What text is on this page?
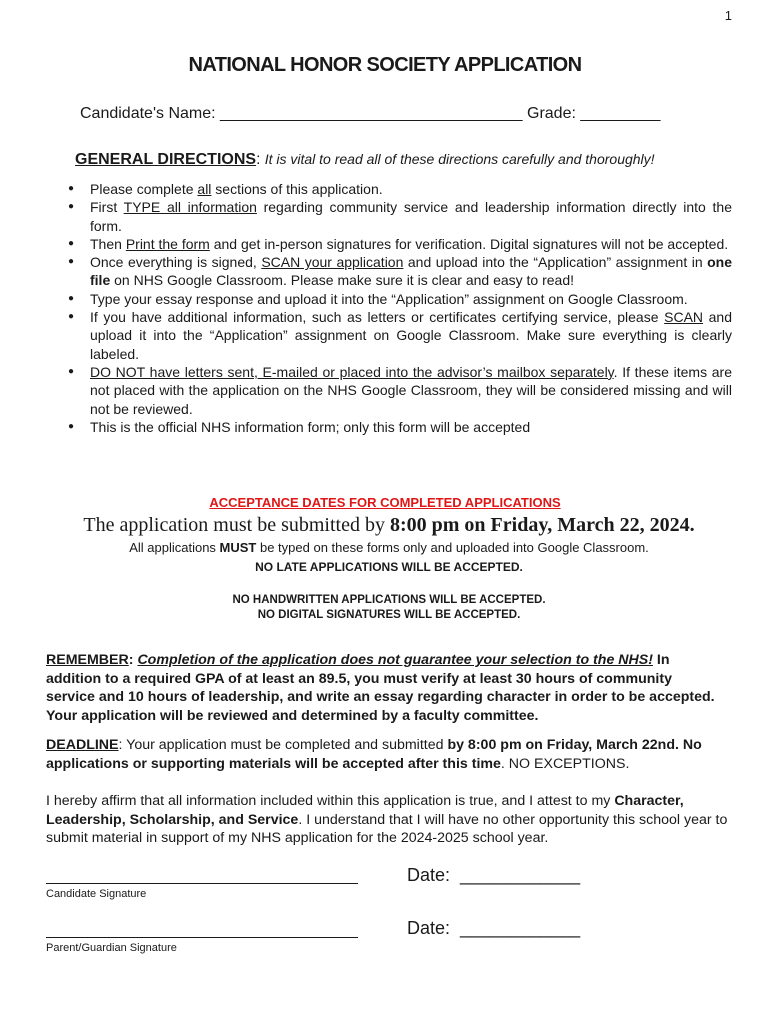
1
NATIONAL HONOR SOCIETY APPLICATION
Candidate's Name: __________________________________ Grade: _________
GENERAL DIRECTIONS: It is vital to read all of these directions carefully and thoroughly!
● Please complete all sections of this application.
● First TYPE all information regarding community service and leadership information directly into the form.
● Then Print the form and get in-person signatures for verification. Digital signatures will not be accepted.
● Once everything is signed, SCAN your application and upload into the “Application” assignment in one file on NHS Google Classroom. Please make sure it is clear and easy to read!
● Type your essay response and upload it into the “Application” assignment on Google Classroom.
● If you have additional information, such as letters or certificates certifying service, please SCAN and upload it into the “Application” assignment on Google Classroom. Make sure everything is clearly labeled.
● DO NOT have letters sent, E-mailed or placed into the advisor’s mailbox separately. If these items are not placed with the application on the NHS Google Classroom, they will be considered missing and will not be reviewed.
● This is the official NHS information form; only this form will be accepted
ACCEPTANCE DATES FOR COMPLETED APPLICATIONS
The application must be submitted by 8:00 pm on Friday, March 22, 2024.
All applications MUST be typed on these forms only and uploaded into Google Classroom.
NO LATE APPLICATIONS WILL BE ACCEPTED.
NO HANDWRITTEN APPLICATIONS WILL BE ACCEPTED.
NO DIGITAL SIGNATURES WILL BE ACCEPTED.
REMEMBER: Completion of the application does not guarantee your selection to the NHS! In addition to a required GPA of at least an 89.5, you must verify at least 30 hours of community service and 10 hours of leadership, and write an essay regarding character in order to be accepted. Your application will be reviewed and determined by a faculty committee.
DEADLINE: Your application must be completed and submitted by 8:00 pm on Friday, March 22nd. No applications or supporting materials will be accepted after this time. NO EXCEPTIONS.
I hereby affirm that all information included within this application is true, and I attest to my Character, Leadership, Scholarship, and Service. I understand that I will have no other opportunity this school year to submit material in support of my NHS application for the 2024-2025 school year.
Candidate Signature
Date:  ____________
Parent/Guardian Signature
Date:  ____________
